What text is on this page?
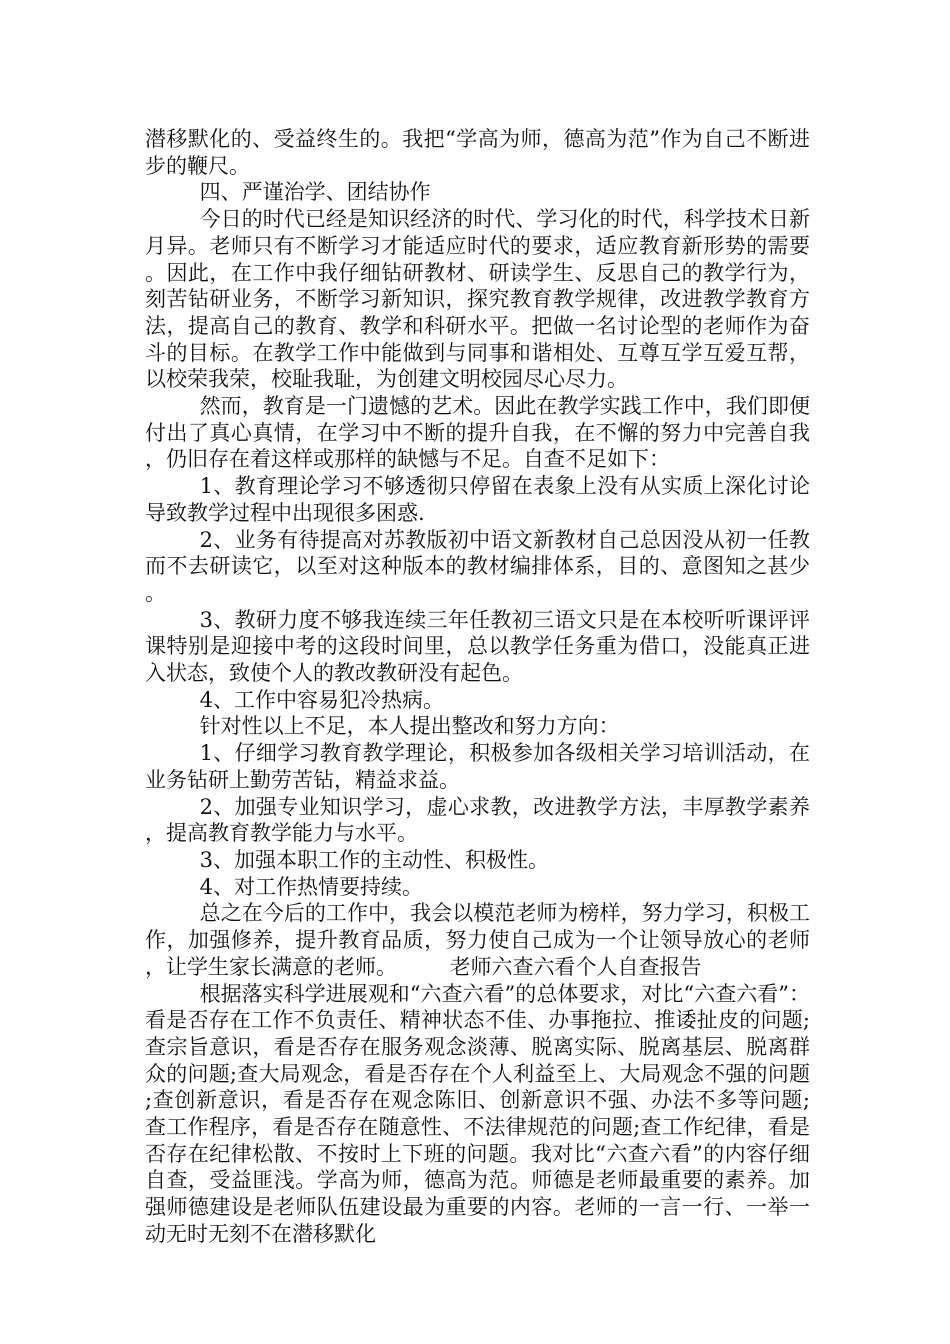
潜移默化的、受益终生的。我把“学高为师，德高为范”作为自己不断进步的鞭尺。

四、严谨治学、团结协作

今日的时代已经是知识经济的时代、学习化的时代，科学技术日新月异。老师只有不断学习才能适应时代的要求，适应教育新形势的需要。因此，在工作中我仔细钻研教材、研读学生、反思自己的教学行为，刻苦钻研业务，不断学习新知识，探究教育教学规律，改进教学教育方法，提高自己的教育、教学和科研水平。把做一名讨论型的老师作为奋斗的目标。在教学工作中能做到与同事和谐相处、互尊互学互爱互帮，以校荣我荣，校耻我耻，为创建文明校园尽心尽力。

然而，教育是一门遗憾的艺术。因此在教学实践工作中，我们即便付出了真心真情，在学习中不断的提升自我，在不懈的努力中完善自我，仍旧存在着这样或那样的缺憾与不足。自查不足如下：

1、教育理论学习不够透彻只停留在表象上没有从实质上深化讨论导致教学过程中出现很多困惑.

2、业务有待提高对苏教版初中语文新教材自己总因没从初一任教而不去研读它，以至对这种版本的教材编排体系，目的、意图知之甚少。

3、教研力度不够我连续三年任教初三语文只是在本校听听课评评课特别是迎接中考的这段时间里，总以教学任务重为借口，没能真正进入状态，致使个人的教改教研没有起色。

4、工作中容易犯冷热病。

针对性以上不足，本人提出整改和努力方向：

1、仔细学习教育教学理论，积极参加各级相关学习培训活动，在业务钻研上勤劳苦钻，精益求益。

2、加强专业知识学习，虚心求教，改进教学方法，丰厚教学素养，提高教育教学能力与水平。

3、加强本职工作的主动性、积极性。

4、对工作热情要持续。

总之在今后的工作中，我会以模范老师为榜样，努力学习，积极工作，加强修养，提升教育品质，努力使自己成为一个让领导放心的老师，让学生家长满意的老师。　　　老师六查六看个人自查报告

根据落实科学进展观和“六查六看”的总体要求，对比“六查六看”：看是否存在工作不负责任、精神状态不佳、办事拖拉、推诿扯皮的问题;查宗旨意识，看是否存在服务观念淡薄、脱离实际、脱离基层、脱离群众的问题;查大局观念，看是否存在个人利益至上、大局观念不强的问题;查创新意识，看是否存在观念陈旧、创新意识不强、办法不多等问题;查工作程序，看是否存在随意性、不法律规范的问题;查工作纪律，看是否存在纪律松散、不按时上下班的问题。我对比“六查六看”的内容仔细自查，受益匪浅。学高为师，德高为范。师德是老师最重要的素养。加强师德建设是老师队伍建设最为重要的内容。老师的一言一行、一举一动无时无刻不在潜移默化
